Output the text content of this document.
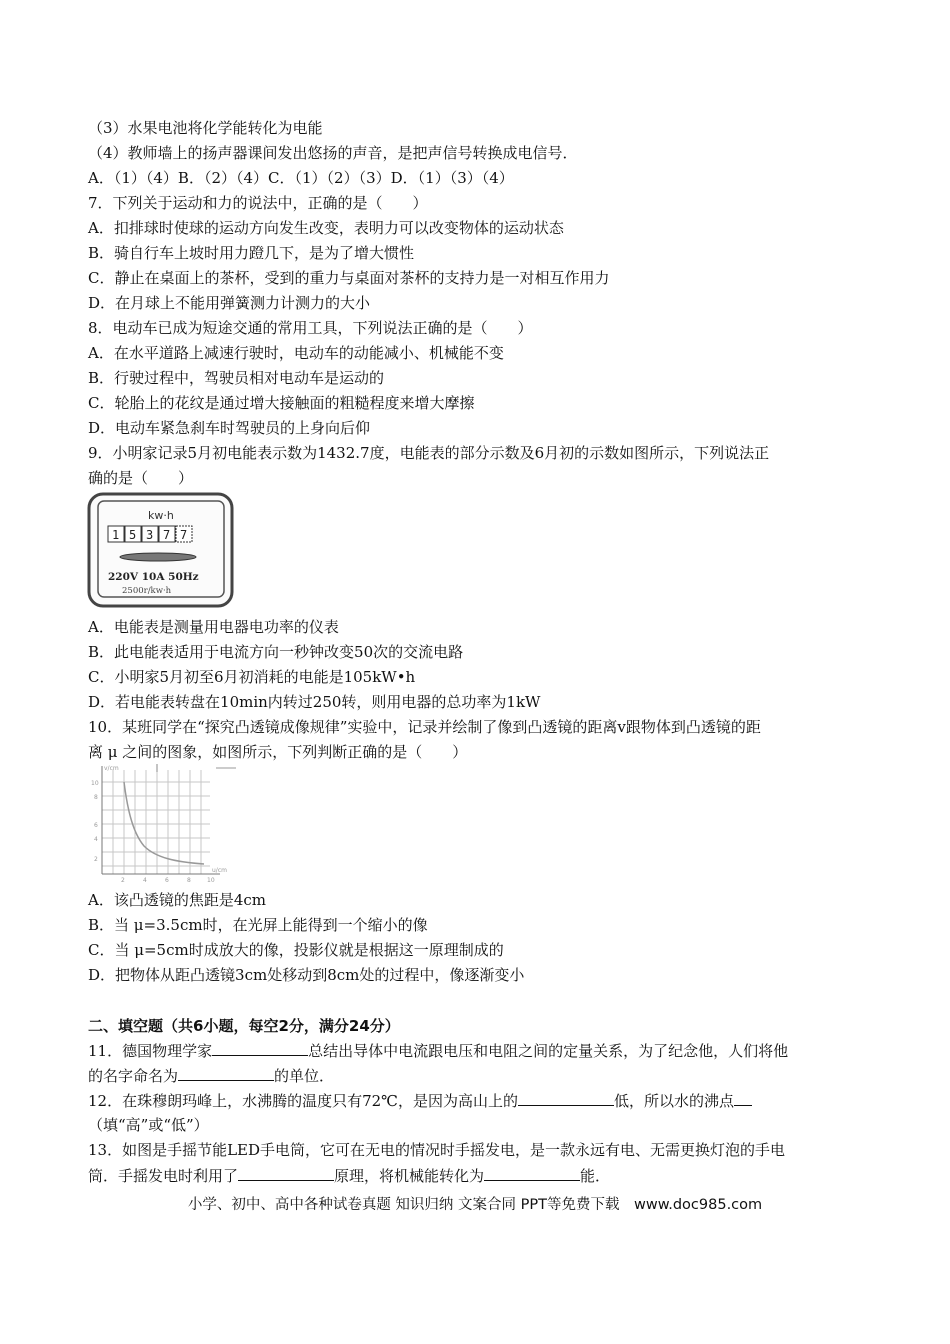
（3）水果电池将化学能转化为电能
（4）教师墙上的扬声器课间发出悠扬的声音，是把声信号转换成电信号．
A．（1）（4）B．（2）（4）C．（1）（2）（3）D．（1）（3）（4）
7．下列关于运动和力的说法中，正确的是（　　）
A．扣排球时使球的运动方向发生改变，表明力可以改变物体的运动状态
B．骑自行车上坡时用力蹬几下，是为了增大惯性
C．静止在桌面上的茶杯，受到的重力与桌面对茶杯的支持力是一对相互作用力
D．在月球上不能用弹簧测力计测力的大小
8．电动车已成为短途交通的常用工具，下列说法正确的是（　　）
A．在水平道路上减速行驶时，电动车的动能减小、机械能不变
B．行驶过程中，驾驶员相对电动车是运动的
C．轮胎上的花纹是通过增大接触面的粗糙程度来增大摩擦
D．电动车紧急刹车时驾驶员的上身向后仰
9．小明家记录5月初电能表示数为1432.7度，电能表的部分示数及6月初的示数如图所示，下列说法正
确的是（　　）
kw·h
1 5 3 7 7
220V 10A 50Hz
2500r/kw·h
A．电能表是测量用电器电功率的仪表
B．此电能表适用于电流方向一秒钟改变50次的交流电路
C．小明家5月初至6月初消耗的电能是105kW•h
D．若电能表转盘在10min内转过250转，则用电器的总功率为1kW
10．某班同学在“探究凸透镜成像规律”实验中，记录并绘制了像到凸透镜的距离v跟物体到凸透镜的距
离 μ 之间的图象，如图所示，下列判断正确的是（　　）
v/cm
10
8
6
4
2
2	4	6	8	10
u/cm
A．该凸透镜的焦距是4cm
B．当 μ=3.5cm时，在光屏上能得到一个缩小的像
C．当 μ=5cm时成放大的像，投影仪就是根据这一原理制成的
D．把物体从距凸透镜3cm处移动到8cm处的过程中，像逐渐变小
二、填空题（共6小题，每空2分，满分24分）
11．德国物理学家	总结出导体中电流跟电压和电阻之间的定量关系，为了纪念他，人们将他
的名字命名为	的单位．
12．在珠穆朗玛峰上，水沸腾的温度只有72℃，是因为高山上的	低，所以水的沸点
（填“高”或“低”）
13．如图是手摇节能LED手电筒，它可在无电的情况时手摇发电，是一款永远有电、无需更换灯泡的手电
筒．手摇发电时利用了	原理，将机械能转化为	能．
小学、初中、高中各种试卷真题 知识归纳 文案合同 PPT等免费下载　www.doc985.com
